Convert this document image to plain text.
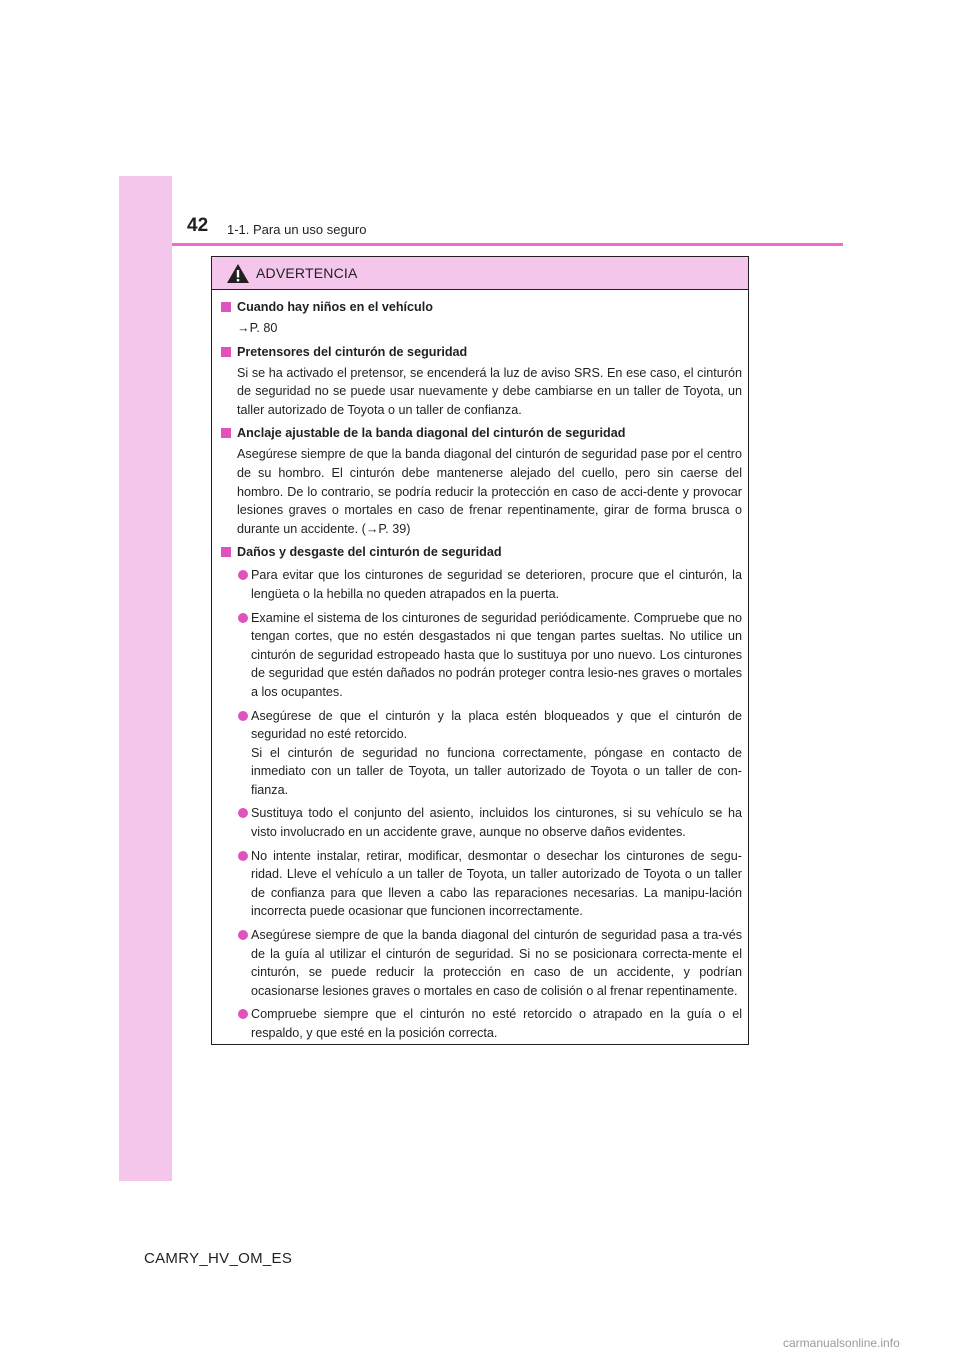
42 1-1. Para un uso seguro
ADVERTENCIA
Cuando hay niños en el vehículo
→P. 80
Pretensores del cinturón de seguridad
Si se ha activado el pretensor, se encenderá la luz de aviso SRS. En ese caso, el cinturón de seguridad no se puede usar nuevamente y debe cambiarse en un taller de Toyota, un taller autorizado de Toyota o un taller de confianza.
Anclaje ajustable de la banda diagonal del cinturón de seguridad
Asegúrese siempre de que la banda diagonal del cinturón de seguridad pase por el centro de su hombro. El cinturón debe mantenerse alejado del cuello, pero sin caerse del hombro. De lo contrario, se podría reducir la protección en caso de acci-dente y provocar lesiones graves o mortales en caso de frenar repentinamente, girar de forma brusca o durante un accidente. (→P. 39)
Daños y desgaste del cinturón de seguridad
Para evitar que los cinturones de seguridad se deterioren, procure que el cinturón, la lengüeta o la hebilla no queden atrapados en la puerta.
Examine el sistema de los cinturones de seguridad periódicamente. Compruebe que no tengan cortes, que no estén desgastados ni que tengan partes sueltas. No utilice un cinturón de seguridad estropeado hasta que lo sustituya por uno nuevo. Los cinturones de seguridad que estén dañados no podrán proteger contra lesio-nes graves o mortales a los ocupantes.
Asegúrese de que el cinturón y la placa estén bloqueados y que el cinturón de seguridad no esté retorcido.
Si el cinturón de seguridad no funciona correctamente, póngase en contacto de inmediato con un taller de Toyota, un taller autorizado de Toyota o un taller de con-fianza.
Sustituya todo el conjunto del asiento, incluidos los cinturones, si su vehículo se ha visto involucrado en un accidente grave, aunque no observe daños evidentes.
No intente instalar, retirar, modificar, desmontar o desechar los cinturones de segu-ridad. Lleve el vehículo a un taller de Toyota, un taller autorizado de Toyota o un taller de confianza para que lleven a cabo las reparaciones necesarias. La manipu-lación incorrecta puede ocasionar que funcionen incorrectamente.
Asegúrese siempre de que la banda diagonal del cinturón de seguridad pasa a tra-vés de la guía al utilizar el cinturón de seguridad. Si no se posicionara correcta-mente el cinturón, se puede reducir la protección en caso de un accidente, y podrían ocasionarse lesiones graves o mortales en caso de colisión o al frenar repentinamente.
Compruebe siempre que el cinturón no esté retorcido o atrapado en la guía o el respaldo, y que esté en la posición correcta.
CAMRY_HV_OM_ES
carmanualsonline.info
